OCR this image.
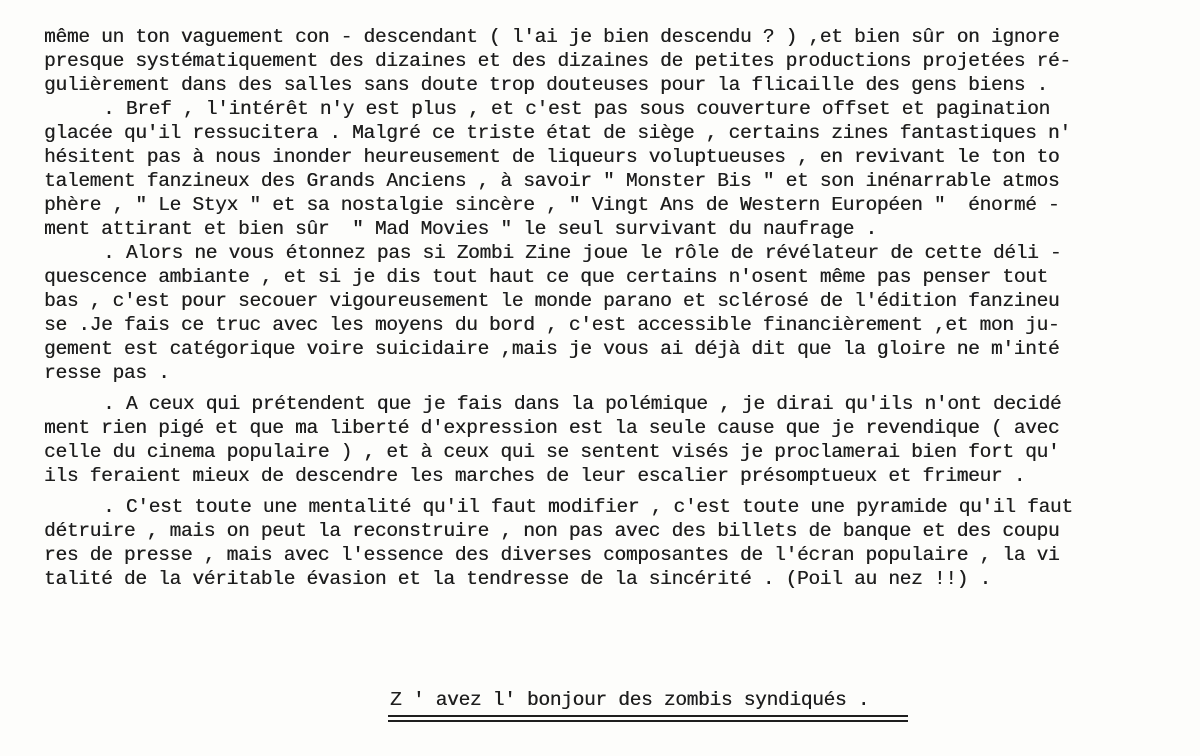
même un ton vaguement con - descendant ( l'ai je bien descendu ? ) ,et bien sûr on ignore
presque systématiquement des dizaines et des dizaines de petites productions projetées ré-
gulièrement dans des salles sans doute trop douteuses pour la flicaille des gens biens .
. Bref , l'intérêt n'y est plus , et c'est pas sous couverture offset et pagination
glacée qu'il ressucitera . Malgré ce triste état de siège , certains zines fantastiques n'
hésitent pas à nous inonder heureusement de liqueurs voluptueuses , en revivant le ton to
talement fanzineux des Grands Anciens , à savoir " Monster Bis " et son inénarrable atmos
phère , " Le Styx " et sa nostalgie sincère , " Vingt Ans de Western Européen "  énormé -
ment attirant et bien sûr  " Mad Movies " le seul survivant du naufrage .
. Alors ne vous étonnez pas si Zombi Zine joue le rôle de révélateur de cette déli -
quescence ambiante , et si je dis tout haut ce que certains n'osent même pas penser tout
bas , c'est pour secouer vigoureusement le monde parano et sclérosé de l'édition fanzineu
se .Je fais ce truc avec les moyens du bord , c'est accessible financièrement ,et mon ju-
gement est catégorique voire suicidaire ,mais je vous ai déjà dit que la gloire ne m'inté
resse pas .
. A ceux qui prétendent que je fais dans la polémique , je dirai qu'ils n'ont decidé
ment rien pigé et que ma liberté d'expression est la seule cause que je revendique ( avec
celle du cinema populaire ) , et à ceux qui se sentent visés je proclamerai bien fort qu'
ils feraient mieux de descendre les marches de leur escalier présomptueux et frimeur .
. C'est toute une mentalité qu'il faut modifier , c'est toute une pyramide qu'il faut
détruire , mais on peut la reconstruire , non pas avec des billets de banque et des coupu
res de presse , mais avec l'essence des diverses composantes de l'écran populaire , la vi
talité de la véritable évasion et la tendresse de la sincérité . (Poil au nez !!) .
Z ' avez l' bonjour des zombis syndiqués .
